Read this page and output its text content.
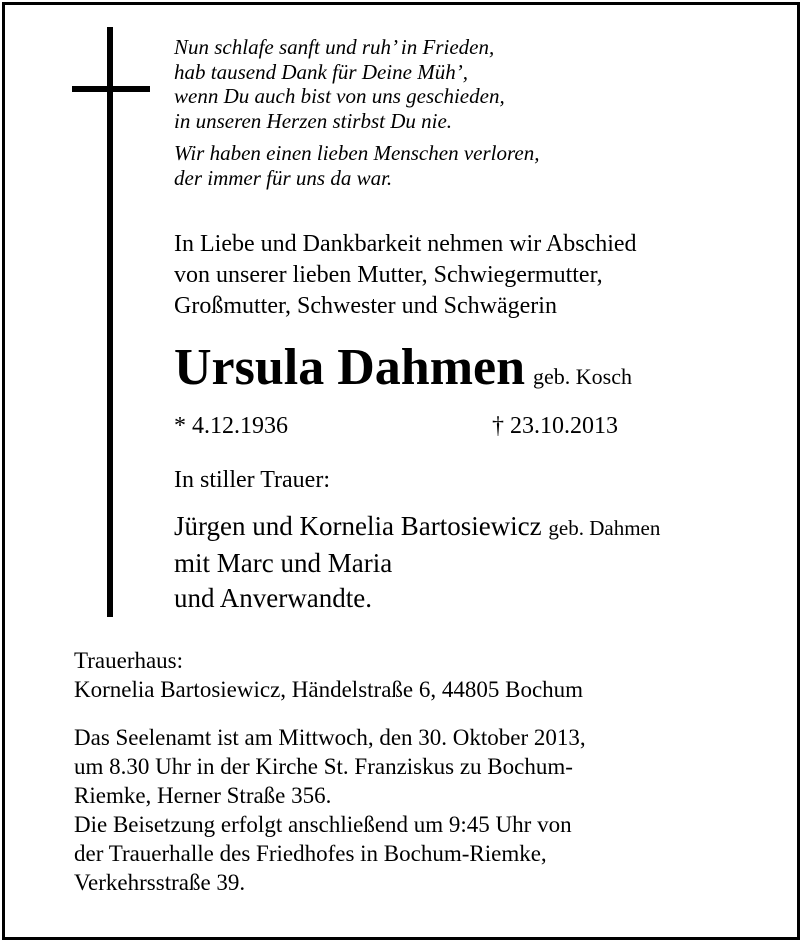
Nun schlafe sanft und ruh’ in Frieden,
hab tausend Dank für Deine Müh’,
wenn Du auch bist von uns geschieden,
in unseren Herzen stirbst Du nie.
Wir haben einen lieben Menschen verloren,
der immer für uns da war.
In Liebe und Dankbarkeit nehmen wir Abschied
von unserer lieben Mutter, Schwiegermutter,
Großmutter, Schwester und Schwägerin
Ursula Dahmen geb. Kosch
* 4.12.1936	† 23.10.2013
In stiller Trauer:
Jürgen und Kornelia Bartosiewicz geb. Dahmen
mit Marc und Maria
und Anverwandte.
Trauerhaus:
Kornelia Bartosiewicz, Händelstraße 6, 44805 Bochum
Das Seelenamt ist am Mittwoch, den 30. Oktober 2013,
um 8.30 Uhr in der Kirche St. Franziskus zu Bochum-
Riemke, Herner Straße 356.
Die Beisetzung erfolgt anschließend um 9:45 Uhr von
der Trauerhalle des Friedhofes in Bochum-Riemke,
Verkehrsstraße 39.
